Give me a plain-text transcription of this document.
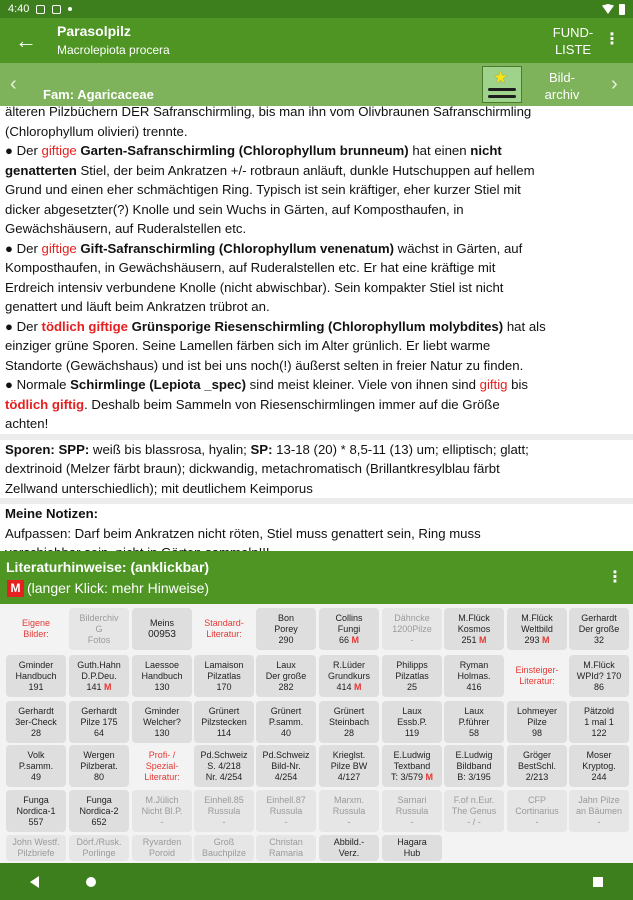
4:40
← Parasolpilz
Macrolepiota procera
FUND-
LISTE
⋮
‹ Fam: Agaricaceae
★	Bild-
archiv ›

älteren Pilzbüchern DER Safranschirmling, bis man ihn vom Olivbraunen Safranschirmling

(Chlorophyllum olivieri) trennte.

● Der giftige Garten-Safranschirmling (Chlorophyllum brunneum) hat einen nicht

genatterten Stiel, der beim Ankratzen +/- rotbraun anläuft, dunkle Hutschuppen auf hellem

Grund und einen eher schmächtigen Ring. Typisch ist sein kräftiger, eher kurzer Stiel mit

dicker abgesetzter(?) Knolle und sein Wuchs in Gärten, auf Komposthaufen, in

Gewächshäusern, auf Ruderalstellen etc.

● Der giftige Gift-Safranschirmling (Chlorophyllum venenatum) wächst in Gärten, auf

Komposthaufen, in Gewächshäusern, auf Ruderalstellen etc. Er hat eine kräftige mit

Erdreich intensiv verbundene Knolle (nicht abwischbar). Sein kompakter Stiel ist nicht

genattert und läuft beim Ankratzen trübrot an.

● Der tödlich giftige Grünsporige Riesenschirmling (Chlorophyllum molybdites) hat als

einziger grüne Sporen. Seine Lamellen färben sich im Alter grünlich. Er liebt warme

Standorte (Gewächshaus) und ist bei uns noch(!) äußerst selten in freier Natur zu finden.

● Normale Schirmlinge (Lepiota _spec) sind meist kleiner. Viele von ihnen sind giftig bis

tödlich giftig. Deshalb beim Sammeln von Riesenschirmlingen immer auf die Größe

achten!

Sporen: SPP: weiß bis blassrosa, hyalin; SP: 13-18 (20) * 8,5-11 (13) um; elliptisch; glatt;

dextrinoid (Melzer färbt braun); dickwandig, metachromatisch (Brillantkresylblau färbt

Zellwand unterschiedlich); mit deutlichem Keimporus

Meine Notizen:
Aufpassen: Darf beim Ankratzen nicht röten, Stiel muss genattert sein, Ring muss
Literaturhinweise: (anklickbar)
M (langer Klick: mehr Hinweise)
⋮
Eigene
Bilder:
Bilderchiv
G
Fotos
Meins
00953
Standard-
Literatur:
Bon
Porey
290
Collins
Fungi
66 M
Dähncke
1200Pilze
-
M.Flück
Kosmos
251 M
M.Flück
Weltbild
293 M
Gerhardt
Der große
32
Gminder
Handbuch
191
Guth.Hahn
D.P.Deu.
141 M
Laessoe
Handbuch
130
Lamaison
Pilzatlas
170
Laux
Der große
282
R.Lüder
Grundkurs
414 M
Philipps
Pilzatlas
25
Ryman
Holmas.
416
Einsteiger-
Literatur:
M.Flück
WPId? 170
86
Gerhardt
3er-Check
28
Gerhardt
Pilze 175
64
Gminder
Welcher?
130
Grünert
Pilzstecken
114
Grünert
P.samm.
40
Grünert
Steinbach
28
Laux
Essb.P.
119
Laux
P.führer
58
Lohmeyer
Pilze
98
Pätzold
1 mal 1
122
Volk
P.samm.
49
Wergen
Pilzberat.
80
Profi- /
Spezial-
Literatur:
Pd.Schweiz
S. 4/218
Nr. 4/254
Pd.Schweiz
Bild-Nr.
4/254
Krieglst.
Pilze BW
4/127
E.Ludwig
Textband
T: 3/579 M
E.Ludwig
Bildband
B: 3/195
Gröger
BestSchl.
2/213
Moser
Kryptog.
244
Funga
Nordica-1
557
Funga
Nordica-2
652
M.Jülich
Nicht Bl.P.
-
Einhell.85
Russula
-
Einhell.87
Russula
-
Marxm.
Russula
-
Sarnari
Russula
-
F.of n.Eur.
The Genus
- / -
CFP
Cortinarius
-
Jahn Pilze
an Bäumen
-
John Westf.
Pilzbriefe
Dörf./Rusk.
Porlinge
Ryvarden
Poroid
Groß
Bauchpilze
Christan
Ramaria
Abbild.-
Verz.
Hagara
Hub
